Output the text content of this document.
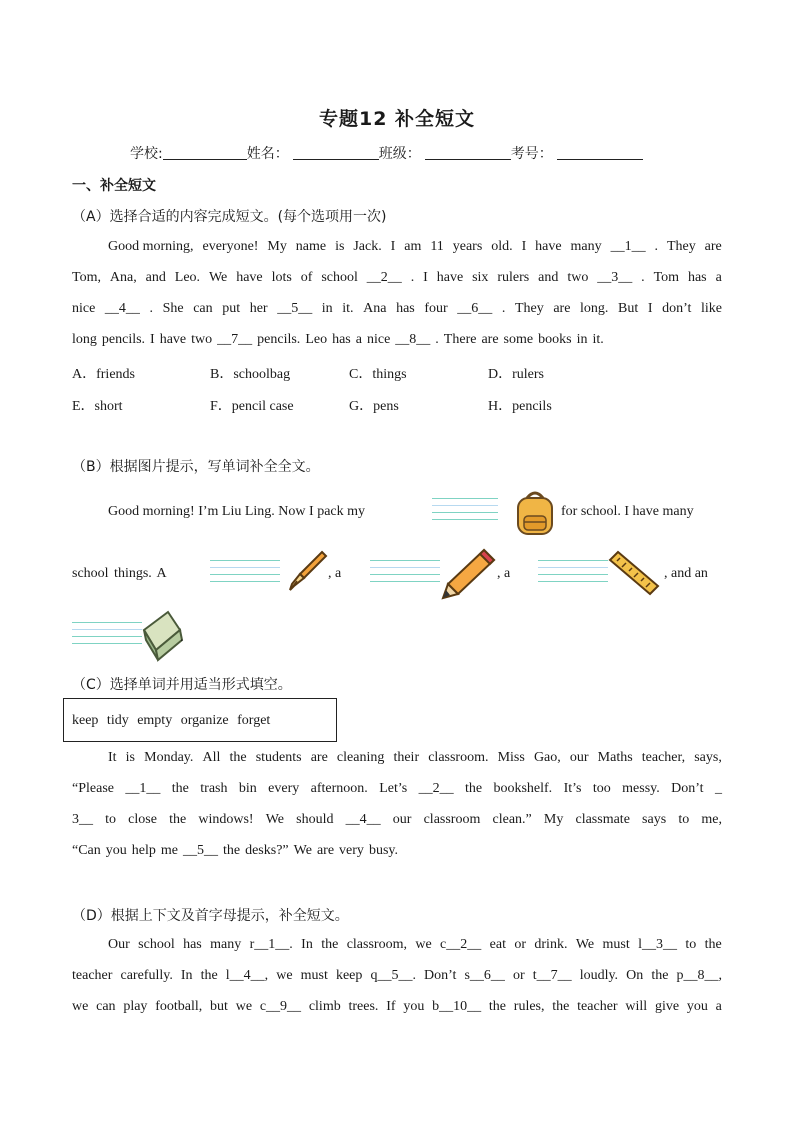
专题12 补全短文
学校:	姓名：	班级：	考号：
一、补全短文
（A）选择合适的内容完成短文。(每个选项用一次)
Good morning, everyone! My name is Jack. I am 11 years old. I have many __1__ . They are
Tom, Ana, and Leo. We have lots of school __2__ . I have six rulers and two __3__ . Tom has a
nice __4__ . She can put her __5__ in it. Ana has four __6__ . They are long. But I don’t like
long pencils. I have two __7__ pencils. Leo has a nice __8__ . There are some books in it.
A．friends	B．schoolbag	C．things	D．rulers
E．short	F．pencil case	G．pens	H．pencils
（B）根据图片提示，写单词补全全文。
Good morning! I’m Liu Ling. Now I pack my	for school. I have many
school things. A	, a	, a	, and an
.
（C）选择单词并用适当形式填空。
keep tidy empty organize forget
It is Monday. All the students are cleaning their classroom. Miss Gao, our Maths teacher, says,
“Please __1__ the trash bin every afternoon. Let’s __2__ the bookshelf. It’s too messy. Don’t _
3__ to close the windows! We should __4__ our classroom clean.” My classmate says to me,
“Can you help me __5__ the desks?” We are very busy.
（D）根据上下文及首字母提示，补全短文。
Our school has many r__1__. In the classroom, we c__2__ eat or drink. We must l__3__ to the
teacher carefully. In the l__4__, we must keep q__5__. Don’t s__6__ or t__7__ loudly. On the p__8__,
we can play football, but we c__9__ climb trees. If you b__10__ the rules, the teacher will give you a
